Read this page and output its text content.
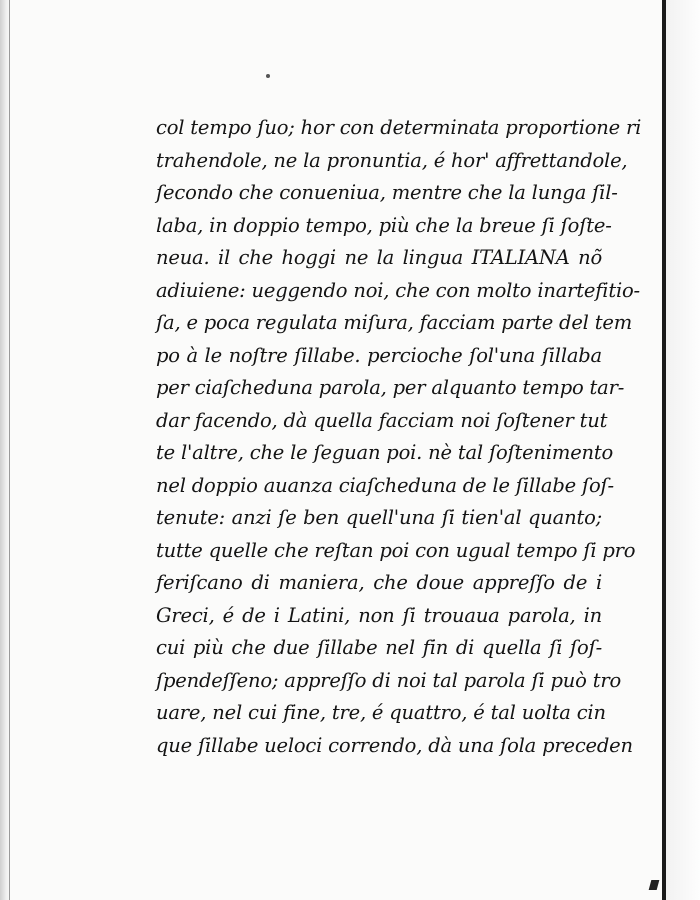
col tempo ſuo; hor con determinata proportione ri
trahendole, ne la pronuntia, é hor' affrettandole,
ſecondo che conueniua, mentre che la lunga ſil-
laba, in doppio tempo, più che la breue ſi ſoſte-
neua. il che hoggi ne la lingua ITALIANA nõ
adiuiene: ueggendo noi, che con molto inartefitio-
ſa, e poca regulata miſura, facciam parte del tem
po à le noſtre ſillabe. percioche ſol'una ſillaba
per ciaſcheduna parola, per alquanto tempo tar-
dar facendo, dà quella facciam noi ſoſtener tut
te l'altre, che le ſeguan poi. nè tal ſoſtenimento
nel doppio auanza ciaſcheduna de le ſillabe ſoſ-
tenute: anzi ſe ben quell'una ſi tien'al quanto;
tutte quelle che reſtan poi con ugual tempo ſi pro
feriſcano di maniera, che doue appreſſo de i
Greci, é de i Latini, non ſi trouaua parola, in
cui più che due ſillabe nel fin di quella ſi ſoſ-
ſpendeſſeno; appreſſo di noi tal parola ſi può tro
uare, nel cui fine, tre, é quattro, é tal uolta cin
que ſillabe ueloci correndo, dà una ſola preceden
